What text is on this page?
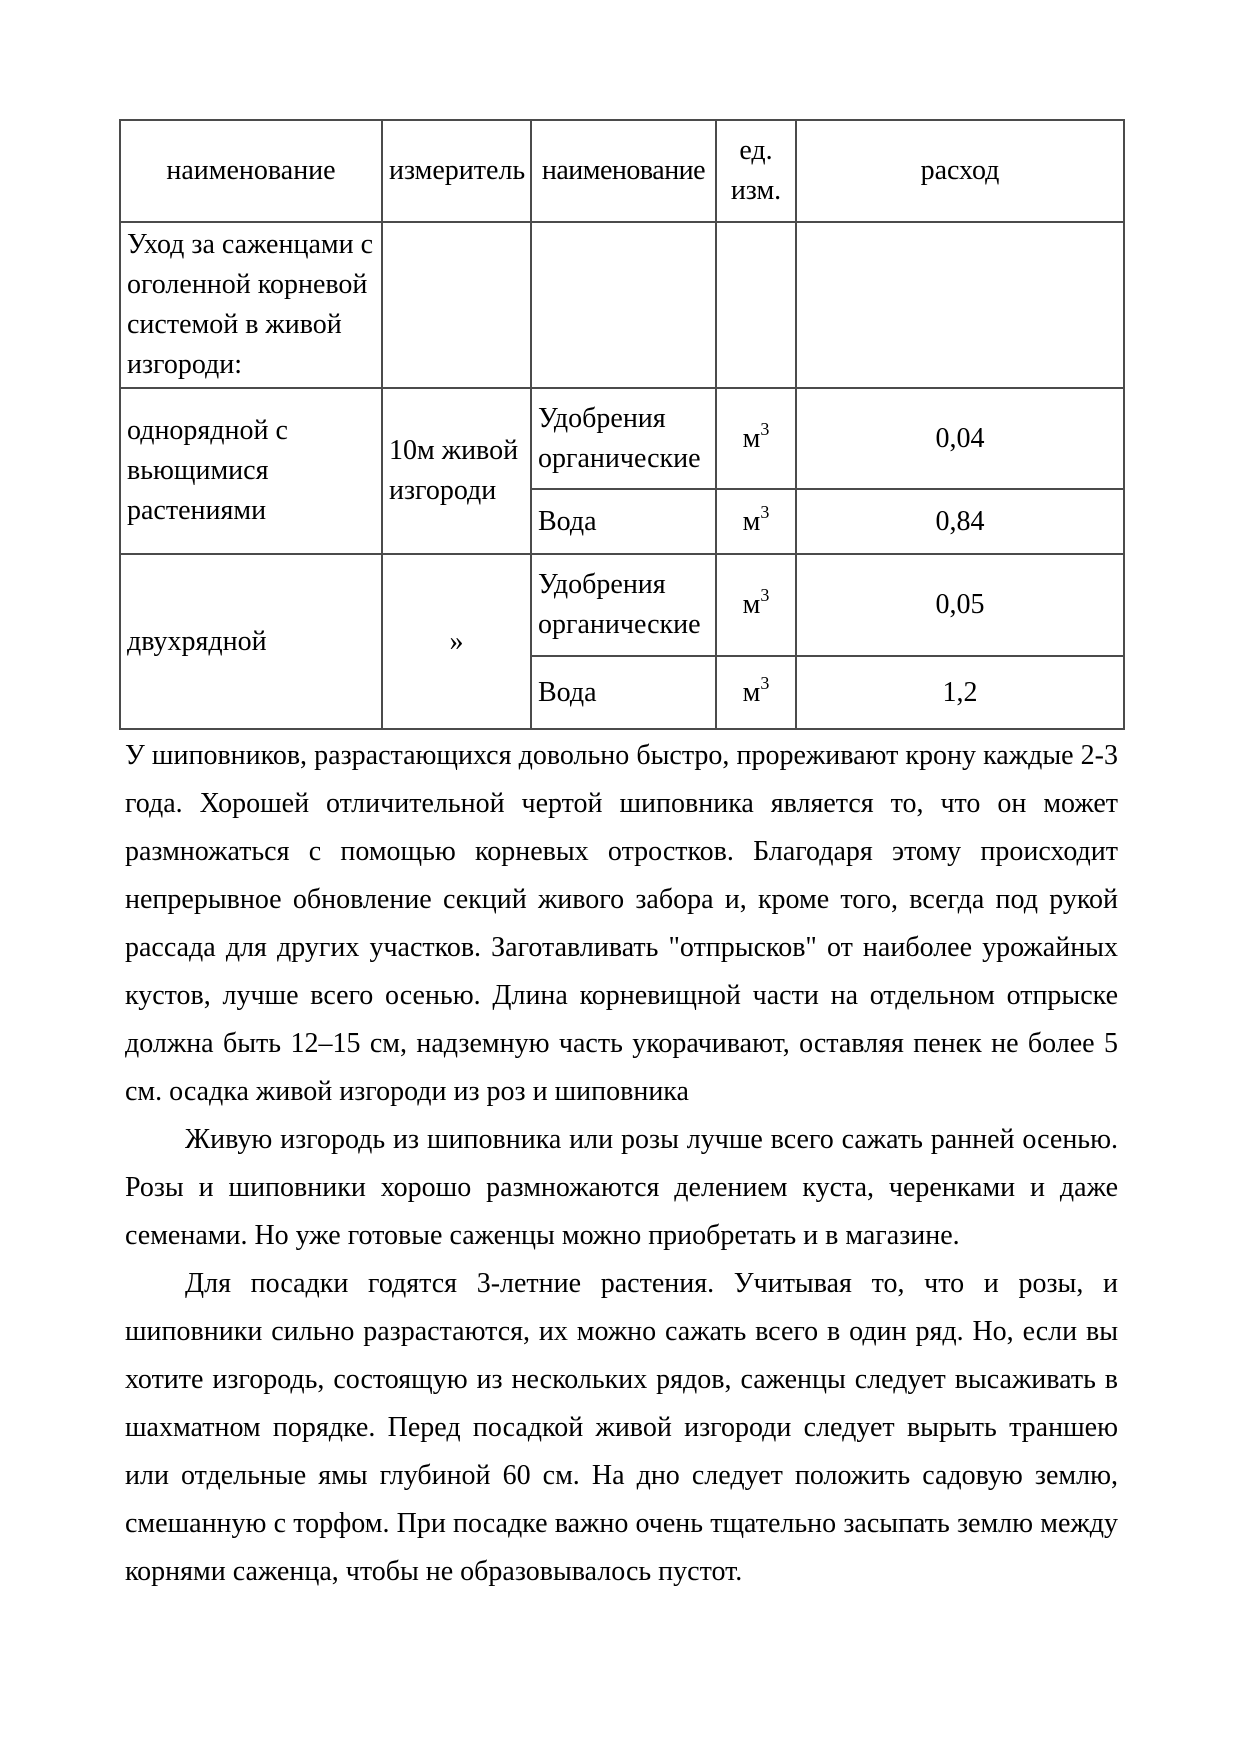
наименование	измеритель	наименование	ед. изм.	расход
Уход за саженцами с оголенной корневой системой в живой изгороди:				
однорядной с вьющимися растениями	10м живой изгороди	Удобрения органические	$м^3$	0,04
		Вода	$м^3$	0,84
двухрядной	»	Удобрения органические	$м^3$	0,05
		Вода	$м^3$	1,2

У шиповников, разрастающихся довольно быстро, прореживают крону каждые 2-3 года. Хорошей отличительной чертой шиповника является то, что он может размножаться с помощью корневых отростков. Благодаря этому происходит непрерывное обновление секций живого забора и, кроме того, всегда под рукой рассада для других участков. Заготавливать "отпрысков" от наиболее урожайных кустов, лучше всего осенью. Длина корневищной части на отдельном отпрыске должна быть 12–15 см, надземную часть укорачивают, оставляя пенек не более 5 см. осадка живой изгороди из роз и шиповника

Живую изгородь из шиповника или розы лучше всего сажать ранней осенью. Розы и шиповники хорошо размножаются делением куста, черенками и даже семенами. Но уже готовые саженцы можно приобретать и в магазине.

Для посадки годятся 3-летние растения. Учитывая то, что и розы, и шиповники сильно разрастаются, их можно сажать всего в один ряд. Но, если вы хотите изгородь, состоящую из нескольких рядов, саженцы следует высаживать в шахматном порядке. Перед посадкой живой изгороди следует вырыть траншею или отдельные ямы глубиной 60 см. На дно следует положить садовую землю, смешанную с торфом. При посадке важно очень тщательно засыпать землю между корнями саженца, чтобы не образовывалось пустот.
